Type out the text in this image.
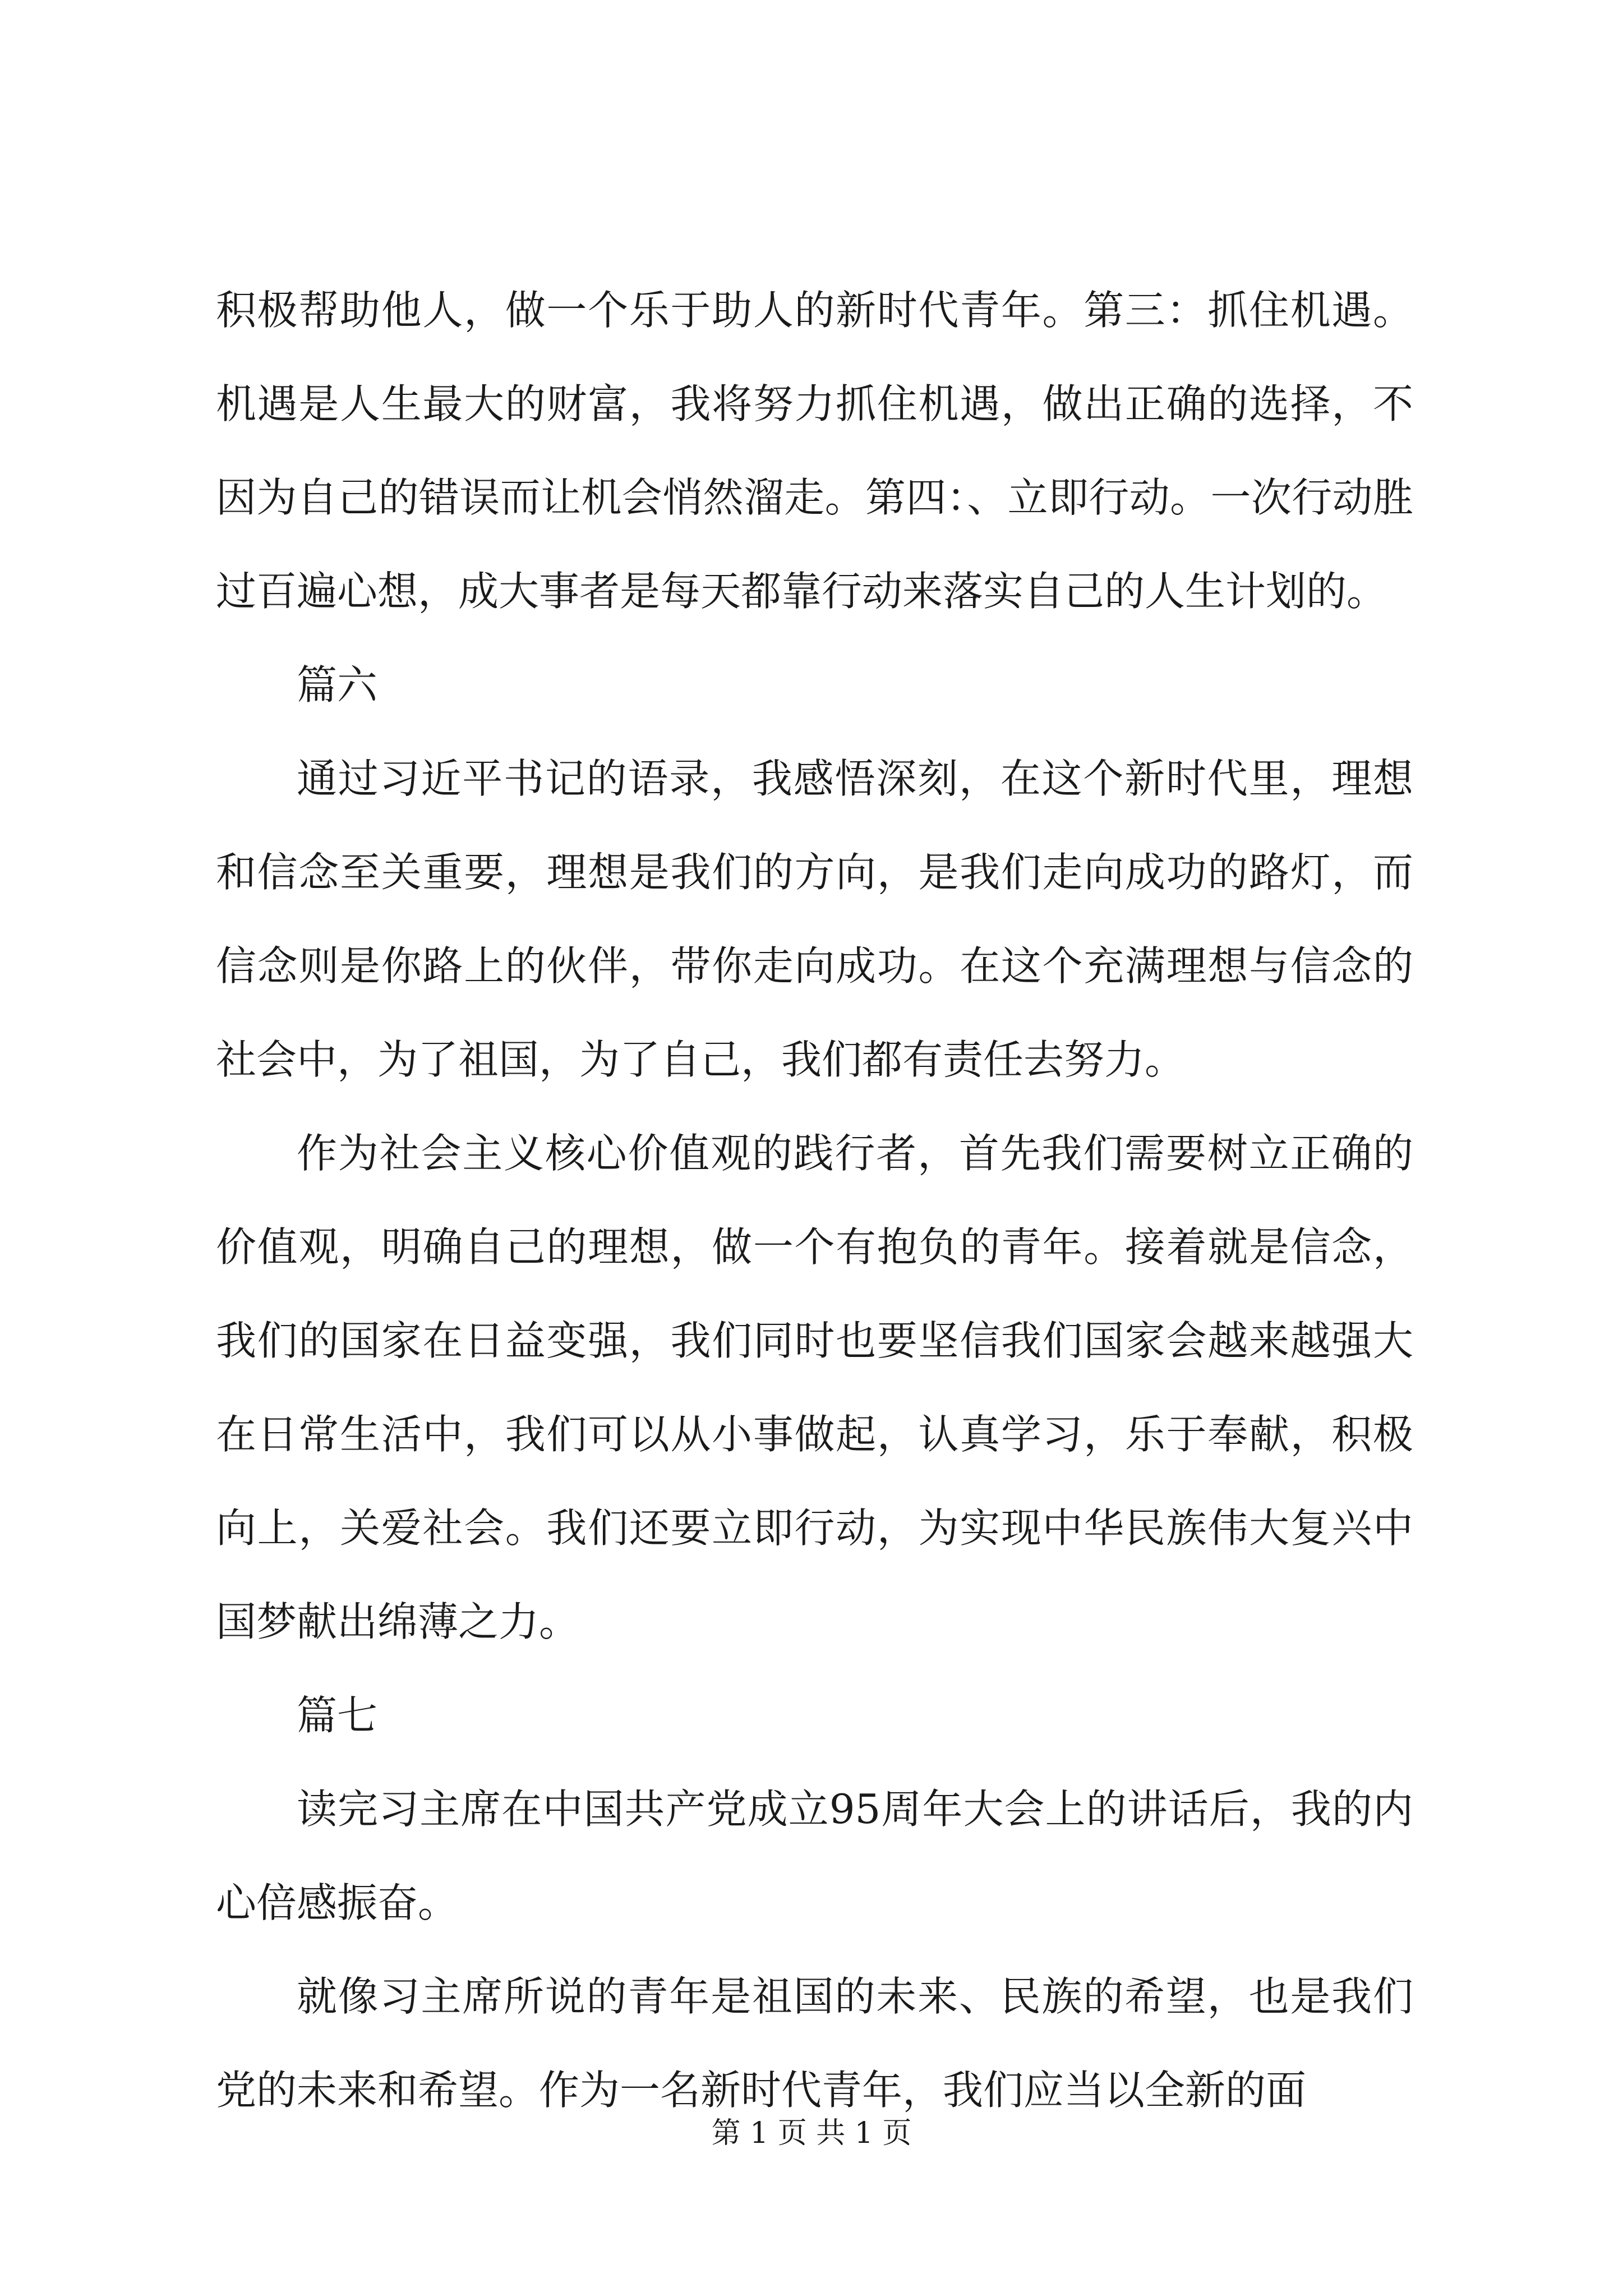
积极帮助他人，做一个乐于助人的新时代青年。第三：抓住机遇。机遇是人生最大的财富，我将努力抓住机遇，做出正确的选择，不因为自己的错误而让机会悄然溜走。第四：、立即行动。一次行动胜过百遍心想，成大事者是每天都靠行动来落实自己的人生计划的。

篇六

通过习近平书记的语录，我感悟深刻，在这个新时代里，理想和信念至关重要，理想是我们的方向，是我们走向成功的路灯，而信念则是你路上的伙伴，带你走向成功。在这个充满理想与信念的社会中，为了祖国，为了自己，我们都有责任去努力。

作为社会主义核心价值观的践行者，首先我们需要树立正确的价值观，明确自己的理想，做一个有抱负的青年。接着就是信念，我们的国家在日益变强，我们同时也要坚信我们国家会越来越强大在日常生活中，我们可以从小事做起，认真学习，乐于奉献，积极向上，关爱社会。我们还要立即行动，为实现中华民族伟大复兴中国梦献出绵薄之力。

篇七

读完习主席在中国共产党成立95周年大会上的讲话后，我的内心倍感振奋。

就像习主席所说的青年是祖国的未来、民族的希望，也是我们党的未来和希望。作为一名新时代青年，我们应当以全新的面

第 1 页 共 1 页
